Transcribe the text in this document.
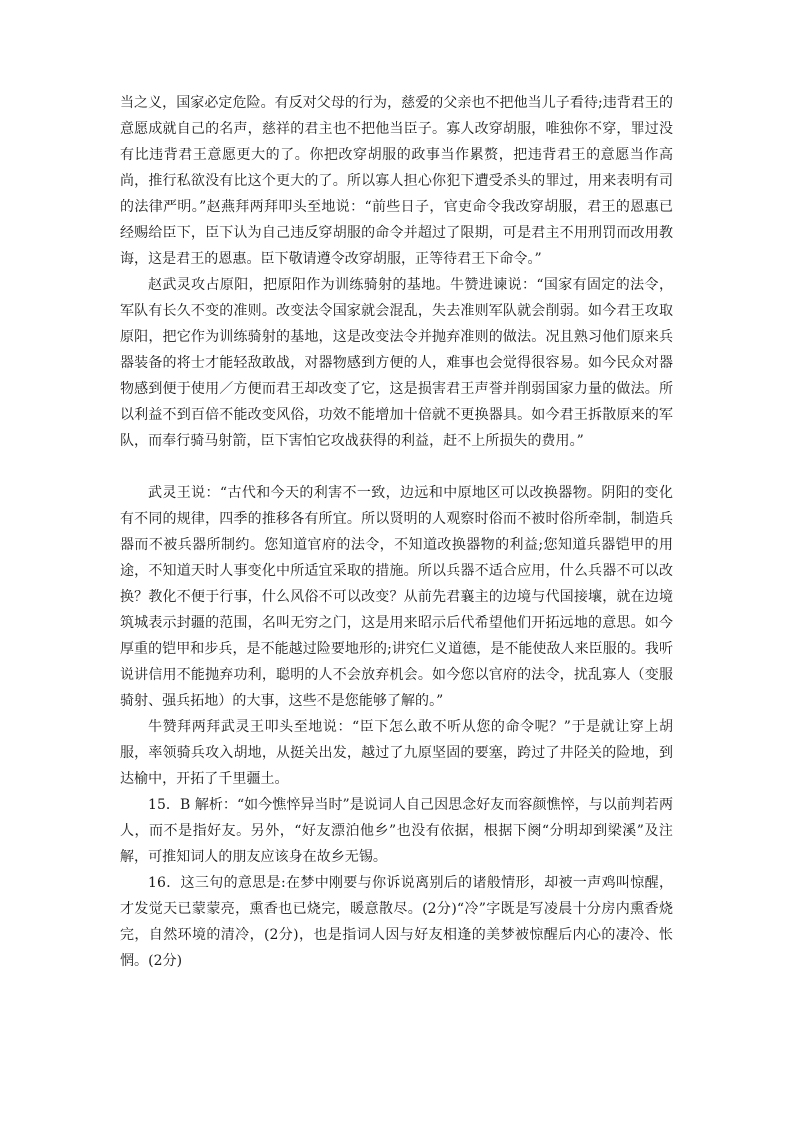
当之义，国家必定危险。有反对父母的行为，慈爱的父亲也不把他当儿子看待;违背君王的意愿成就自己的名声，慈祥的君主也不把他当臣子。寡人改穿胡服，唯独你不穿，罪过没有比违背君王意愿更大的了。你把改穿胡服的政事当作累赘，把违背君王的意愿当作高尚，推行私欲没有比这个更大的了。所以寡人担心你犯下遭受杀头的罪过，用来表明有司的法律严明。”赵燕拜两拜叩头至地说：“前些日子，官吏命令我改穿胡服，君王的恩惠已经赐给臣下，臣下认为自己违反穿胡服的命令并超过了限期，可是君主不用刑罚而改用教诲，这是君王的恩惠。臣下敬请遵令改穿胡服，正等待君王下命令。”

赵武灵攻占原阳，把原阳作为训练骑射的基地。牛赞进谏说：“国家有固定的法令，军队有长久不变的准则。改变法令国家就会混乱，失去准则军队就会削弱。如今君王攻取原阳，把它作为训练骑射的基地，这是改变法令并抛弃准则的做法。况且熟习他们原来兵器装备的将士才能轻敌敢战，对器物感到方便的人，难事也会觉得很容易。如今民众对器物感到便于使用／方便而君王却改变了它，这是损害君王声誉并削弱国家力量的做法。所以利益不到百倍不能改变风俗，功效不能增加十倍就不更换器具。如今君王拆散原来的军队，而奉行骑马射箭，臣下害怕它攻战获得的利益，赶不上所损失的费用。”

武灵王说：“古代和今天的利害不一致，边远和中原地区可以改换器物。阴阳的变化有不同的规律，四季的推移各有所宜。所以贤明的人观察时俗而不被时俗所牵制，制造兵器而不被兵器所制约。您知道官府的法令，不知道改换器物的利益;您知道兵器铠甲的用途，不知道天时人事变化中所适宜采取的措施。所以兵器不适合应用，什么兵器不可以改换？教化不便于行事，什么风俗不可以改变？从前先君襄主的边境与代国接壤，就在边境筑城表示封疆的范围，名叫无穷之门，这是用来昭示后代希望他们开拓远地的意思。如今厚重的铠甲和步兵，是不能越过险要地形的;讲究仁义道德，是不能使敌人来臣服的。我听说讲信用不能抛弃功利，聪明的人不会放弃机会。如今您以官府的法令，扰乱寡人（变服骑射、强兵拓地）的大事，这些不是您能够了解的。”

牛赞拜两拜武灵王叩头至地说：“臣下怎么敢不听从您的命令呢？”于是就让穿上胡服，率领骑兵攻入胡地，从挺关出发，越过了九原坚固的要塞，跨过了井陉关的险地，到达榆中，开拓了千里疆土。

15．B 解析：“如今憔悴异当时”是说词人自己因思念好友而容颜憔悴，与以前判若两人，而不是指好友。另外，“好友漂泊他乡”也没有依据，根据下阕“分明却到梁溪”及注解，可推知词人的朋友应该身在故乡无锡。

16．这三句的意思是:在梦中刚要与你诉说离别后的诸般情形，却被一声鸡叫惊醒，才发觉天已蒙蒙亮，熏香也已烧完，暖意散尽。(2分)“冷”字既是写凌晨十分房内熏香烧完，自然环境的清冷，(2分)，也是指词人因与好友相逢的美梦被惊醒后内心的凄冷、怅惘。(2分)
